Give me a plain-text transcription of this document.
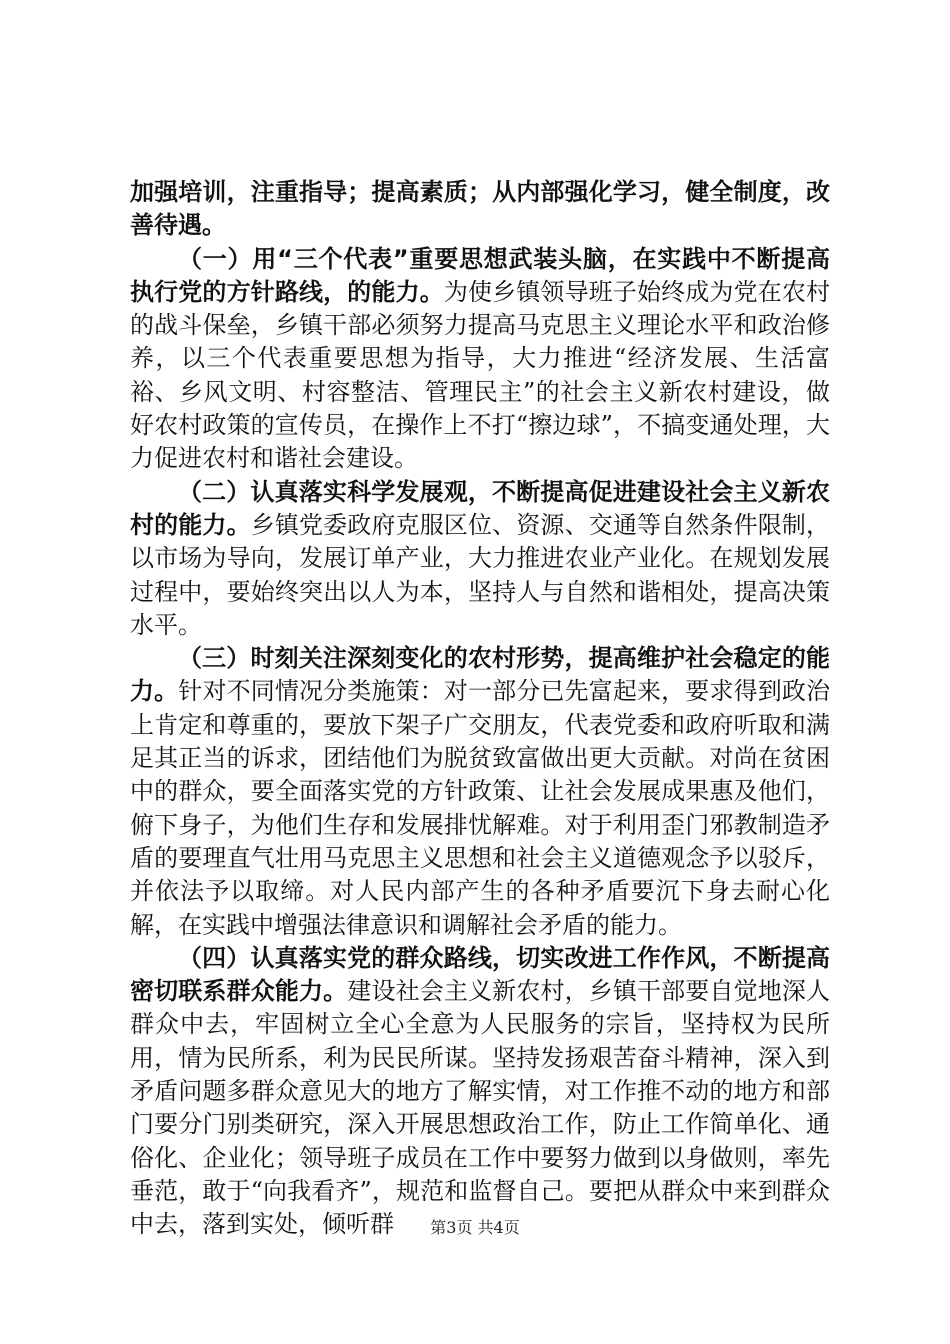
加强培训，注重指导；提高素质；从内部强化学习，健全制度，改善待遇。

（一）用“三个代表”重要思想武装头脑，在实践中不断提高执行党的方针路线，的能力。为使乡镇领导班子始终成为党在农村的战斗保垒，乡镇干部必须努力提高马克思主义理论水平和政治修养，以三个代表重要思想为指导，大力推进“经济发展、生活富裕、乡风文明、村容整洁、管理民主”的社会主义新农村建设，做好农村政策的宣传员，在操作上不打“擦边球”，不搞变通处理，大力促进农村和谐社会建设。

（二）认真落实科学发展观，不断提高促进建设社会主义新农村的能力。乡镇党委政府克服区位、资源、交通等自然条件限制，以市场为导向，发展订单产业，大力推进农业产业化。在规划发展过程中，要始终突出以人为本，坚持人与自然和谐相处，提高决策水平。

（三）时刻关注深刻变化的农村形势，提高维护社会稳定的能力。针对不同情况分类施策：对一部分已先富起来，要求得到政治上肯定和尊重的，要放下架子广交朋友，代表党委和政府听取和满足其正当的诉求，团结他们为脱贫致富做出更大贡献。对尚在贫困中的群众，要全面落实党的方针政策、让社会发展成果惠及他们，俯下身子，为他们生存和发展排忧解难。对于利用歪门邪教制造矛盾的要理直气壮用马克思主义思想和社会主义道德观念予以驳斥，并依法予以取缔。对人民内部产生的各种矛盾要沉下身去耐心化解，在实践中增强法律意识和调解社会矛盾的能力。

（四）认真落实党的群众路线，切实改进工作作风，不断提高密切联系群众能力。建设社会主义新农村，乡镇干部要自觉地深人群众中去，牢固树立全心全意为人民服务的宗旨，坚持权为民所用，情为民所系，利为民民所谋。坚持发扬艰苦奋斗精神，深入到矛盾问题多群众意见大的地方了解实情，对工作推不动的地方和部门要分门别类研究，深入开展思想政治工作，防止工作简单化、通俗化、企业化；领导班子成员在工作中要努力做到以身做则，率先垂范，敢于“向我看齐”，规范和监督自己。要把从群众中来到群众中去，落到实处，倾听群	第3页 共4页
